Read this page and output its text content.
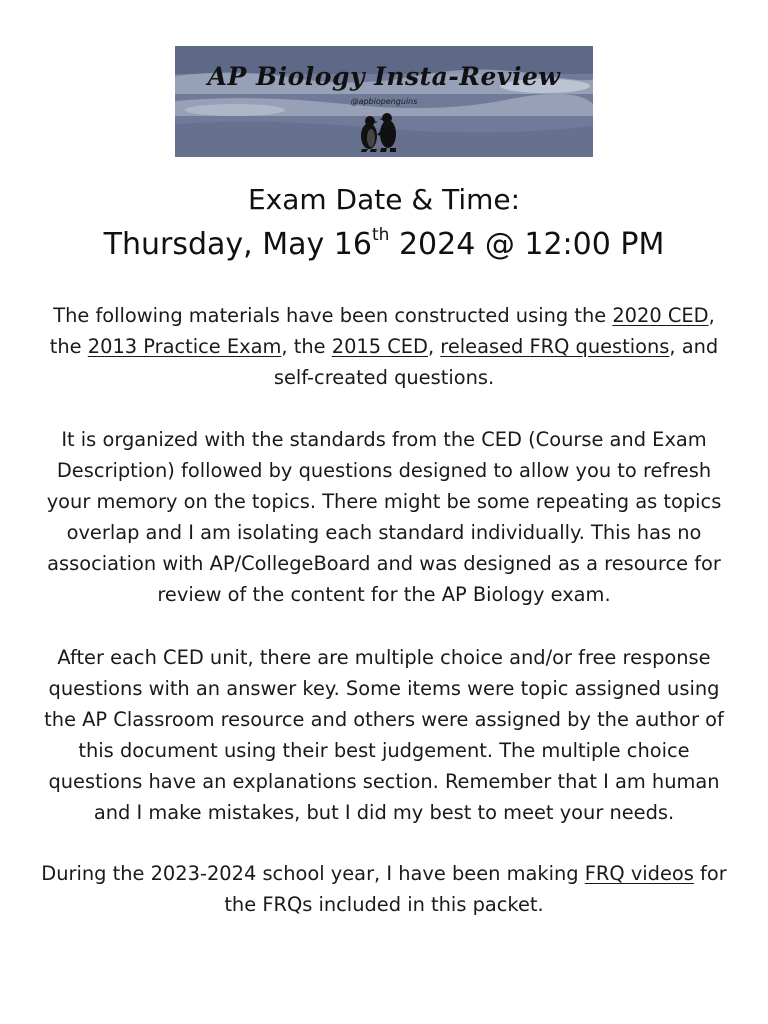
AP Biology Insta-Review
@apbiopenguins
Exam Date & Time:
Thursday, May 16th 2024 @ 12:00 PM
The following materials have been constructed using the 2020 CED, the 2013 Practice Exam, the 2015 CED, released FRQ questions, and self-created questions.
It is organized with the standards from the CED (Course and Exam Description) followed by questions designed to allow you to refresh your memory on the topics. There might be some repeating as topics overlap and I am isolating each standard individually. This has no association with AP/CollegeBoard and was designed as a resource for review of the content for the AP Biology exam.
After each CED unit, there are multiple choice and/or free response questions with an answer key. Some items were topic assigned using the AP Classroom resource and others were assigned by the author of this document using their best judgement. The multiple choice questions have an explanations section. Remember that I am human and I make mistakes, but I did my best to meet your needs.
During the 2023-2024 school year, I have been making FRQ videos for the FRQs included in this packet.
